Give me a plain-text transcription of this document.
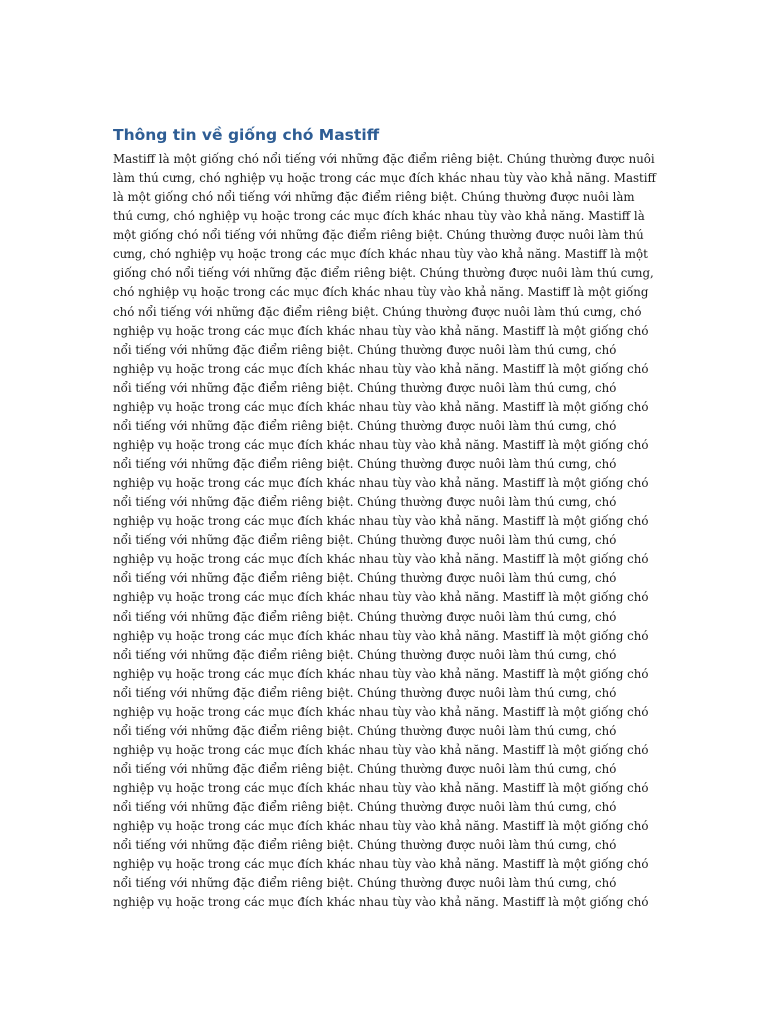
Thông tin về giống chó Mastiff
Mastiff là một giống chó nổi tiếng với những đặc điểm riêng biệt. Chúng thường được nuôi
làm thú cưng, chó nghiệp vụ hoặc trong các mục đích khác nhau tùy vào khả năng. Mastiff
là một giống chó nổi tiếng với những đặc điểm riêng biệt. Chúng thường được nuôi làm
thú cưng, chó nghiệp vụ hoặc trong các mục đích khác nhau tùy vào khả năng. Mastiff là
một giống chó nổi tiếng với những đặc điểm riêng biệt. Chúng thường được nuôi làm thú
cưng, chó nghiệp vụ hoặc trong các mục đích khác nhau tùy vào khả năng. Mastiff là một
giống chó nổi tiếng với những đặc điểm riêng biệt. Chúng thường được nuôi làm thú cưng,
chó nghiệp vụ hoặc trong các mục đích khác nhau tùy vào khả năng. Mastiff là một giống
chó nổi tiếng với những đặc điểm riêng biệt. Chúng thường được nuôi làm thú cưng, chó
nghiệp vụ hoặc trong các mục đích khác nhau tùy vào khả năng. Mastiff là một giống chó
nổi tiếng với những đặc điểm riêng biệt. Chúng thường được nuôi làm thú cưng, chó
nghiệp vụ hoặc trong các mục đích khác nhau tùy vào khả năng. Mastiff là một giống chó
nổi tiếng với những đặc điểm riêng biệt. Chúng thường được nuôi làm thú cưng, chó
nghiệp vụ hoặc trong các mục đích khác nhau tùy vào khả năng. Mastiff là một giống chó
nổi tiếng với những đặc điểm riêng biệt. Chúng thường được nuôi làm thú cưng, chó
nghiệp vụ hoặc trong các mục đích khác nhau tùy vào khả năng. Mastiff là một giống chó
nổi tiếng với những đặc điểm riêng biệt. Chúng thường được nuôi làm thú cưng, chó
nghiệp vụ hoặc trong các mục đích khác nhau tùy vào khả năng. Mastiff là một giống chó
nổi tiếng với những đặc điểm riêng biệt. Chúng thường được nuôi làm thú cưng, chó
nghiệp vụ hoặc trong các mục đích khác nhau tùy vào khả năng. Mastiff là một giống chó
nổi tiếng với những đặc điểm riêng biệt. Chúng thường được nuôi làm thú cưng, chó
nghiệp vụ hoặc trong các mục đích khác nhau tùy vào khả năng. Mastiff là một giống chó
nổi tiếng với những đặc điểm riêng biệt. Chúng thường được nuôi làm thú cưng, chó
nghiệp vụ hoặc trong các mục đích khác nhau tùy vào khả năng. Mastiff là một giống chó
nổi tiếng với những đặc điểm riêng biệt. Chúng thường được nuôi làm thú cưng, chó
nghiệp vụ hoặc trong các mục đích khác nhau tùy vào khả năng. Mastiff là một giống chó
nổi tiếng với những đặc điểm riêng biệt. Chúng thường được nuôi làm thú cưng, chó
nghiệp vụ hoặc trong các mục đích khác nhau tùy vào khả năng. Mastiff là một giống chó
nổi tiếng với những đặc điểm riêng biệt. Chúng thường được nuôi làm thú cưng, chó
nghiệp vụ hoặc trong các mục đích khác nhau tùy vào khả năng. Mastiff là một giống chó
nổi tiếng với những đặc điểm riêng biệt. Chúng thường được nuôi làm thú cưng, chó
nghiệp vụ hoặc trong các mục đích khác nhau tùy vào khả năng. Mastiff là một giống chó
nổi tiếng với những đặc điểm riêng biệt. Chúng thường được nuôi làm thú cưng, chó
nghiệp vụ hoặc trong các mục đích khác nhau tùy vào khả năng. Mastiff là một giống chó
nổi tiếng với những đặc điểm riêng biệt. Chúng thường được nuôi làm thú cưng, chó
nghiệp vụ hoặc trong các mục đích khác nhau tùy vào khả năng. Mastiff là một giống chó
nổi tiếng với những đặc điểm riêng biệt. Chúng thường được nuôi làm thú cưng, chó
nghiệp vụ hoặc trong các mục đích khác nhau tùy vào khả năng. Mastiff là một giống chó
nổi tiếng với những đặc điểm riêng biệt. Chúng thường được nuôi làm thú cưng, chó
nghiệp vụ hoặc trong các mục đích khác nhau tùy vào khả năng. Mastiff là một giống chó
